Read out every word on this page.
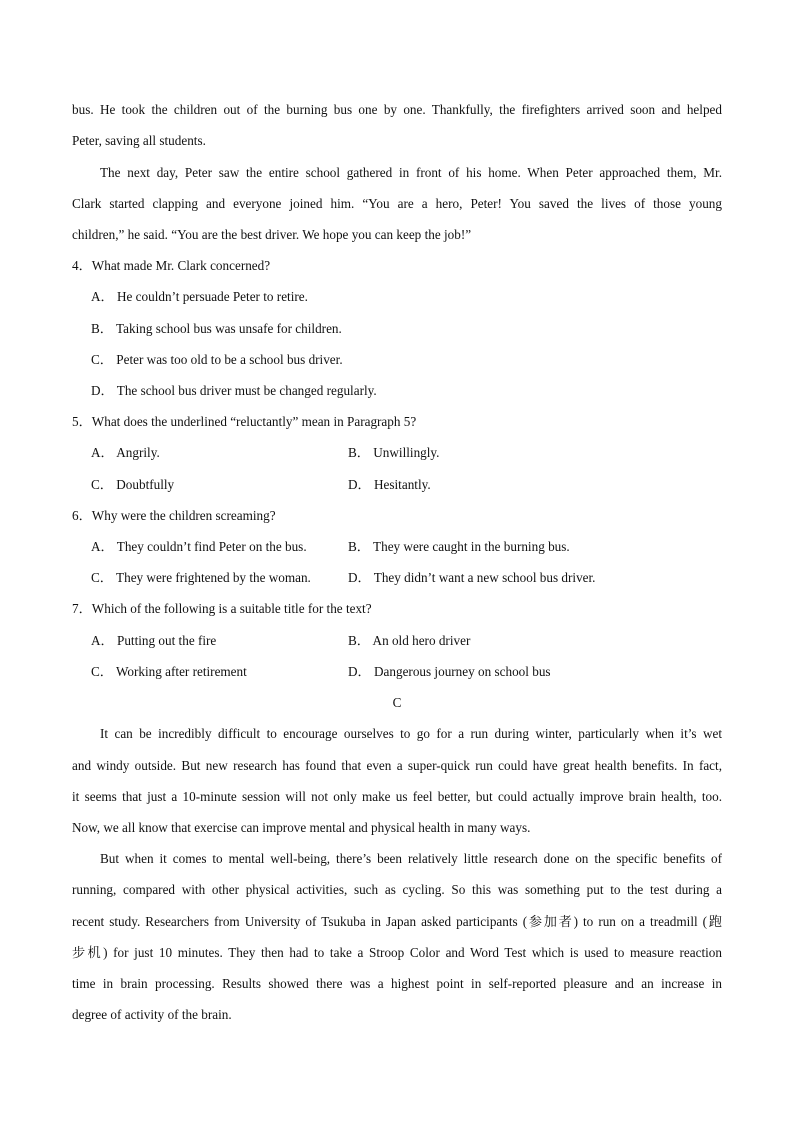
bus. He took the children out of the burning bus one by one. Thankfully, the firefighters arrived soon and helped
Peter, saving all students.
The next day, Peter saw the entire school gathered in front of his home. When Peter approached them, Mr.
Clark started clapping and everyone joined him. “You are a hero, Peter! You saved the lives of those young
children,” he said. “You are the best driver. We hope you can keep the job!”
4．What made Mr. Clark concerned?
A． He couldn’t persuade Peter to retire.
B． Taking school bus was unsafe for children.
C． Peter was too old to be a school bus driver.
D． The school bus driver must be changed regularly.
5．What does the underlined “reluctantly” mean in Paragraph 5?
A． Angrily.	B． Unwillingly.
C． Doubtfully	D． Hesitantly.
6．Why were the children screaming?
A． They couldn’t find Peter on the bus.	B． They were caught in the burning bus.
C． They were frightened by the woman.	D． They didn’t want a new school bus driver.
7．Which of the following is a suitable title for the text?
A． Putting out the fire	B． An old hero driver
C． Working after retirement	D． Dangerous journey on school bus
C
It can be incredibly difficult to encourage ourselves to go for a run during winter, particularly when it’s wet
and windy outside. But new research has found that even a super-quick run could have great health benefits. In fact,
it seems that just a 10-minute session will not only make us feel better, but could actually improve brain health, too.
Now, we all know that exercise can improve mental and physical health in many ways.
But when it comes to mental well-being, there’s been relatively little research done on the specific benefits of
running, compared with other physical activities, such as cycling. So this was something put to the test during a
recent study. Researchers from University of Tsukuba in Japan asked participants (参加者) to run on a treadmill (跑
步机) for just 10 minutes. They then had to take a Stroop Color and Word Test which is used to measure reaction
time in brain processing. Results showed there was a highest point in self-reported pleasure and an increase in
degree of activity of the brain.
